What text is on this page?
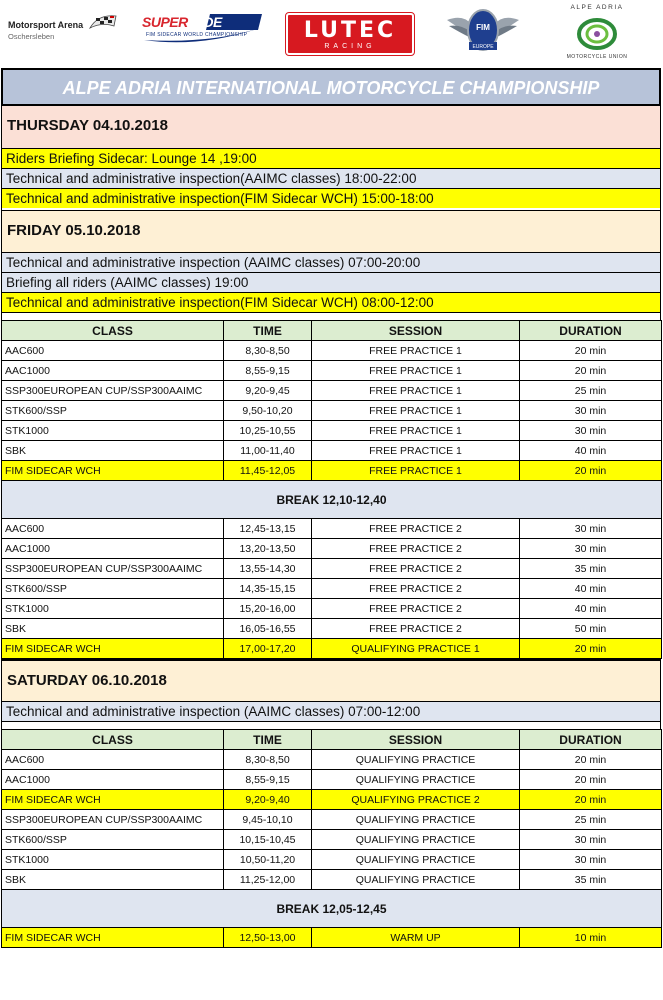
Motorsport Arena
Oschersleben
SUPER SIDE
FIM SIDECAR WORLD CHAMPIONSHIP	LUTEC
RACING
FIM
EUROPE
ALPE ADRIA
MOTORCYCLE UNION
ALPE ADRIA INTERNATIONAL MOTORCYCLE CHAMPIONSHIP
THURSDAY 04.10.2018
Riders Briefing Sidecar: Lounge 14 ,19:00
Technical and administrative inspection(AAIMC classes) 18:00-22:00
Technical and administrative inspection(FIM Sidecar WCH) 15:00-18:00
FRIDAY 05.10.2018
Technical and administrative inspection (AAIMC classes) 07:00-20:00
Briefing all riders (AAIMC classes) 19:00
Technical and administrative inspection(FIM Sidecar WCH) 08:00-12:00
CLASS	TIME	SESSION	DURATION
AAC600	8,30-8,50	FREE PRACTICE 1	20 min
AAC1000	8,55-9,15	FREE PRACTICE 1	20 min
SSP300EUROPEAN CUP/SSP300AAIMC	9,20-9,45	FREE PRACTICE 1	25 min
STK600/SSP	9,50-10,20	FREE PRACTICE 1	30 min
STK1000	10,25-10,55	FREE PRACTICE 1	30 min
SBK	11,00-11,40	FREE PRACTICE 1	40 min
FIM SIDECAR WCH	11,45-12,05	FREE PRACTICE 1	20 min
BREAK 12,10-12,40			
AAC600	12,45-13,15	FREE PRACTICE 2	30 min
AAC1000	13,20-13,50	FREE PRACTICE 2	30 min
SSP300EUROPEAN CUP/SSP300AAIMC	13,55-14,30	FREE PRACTICE 2	35 min
STK600/SSP	14,35-15,15	FREE PRACTICE 2	40 min
STK1000	15,20-16,00	FREE PRACTICE 2	40 min
SBK	16,05-16,55	FREE PRACTICE 2	50 min
FIM SIDECAR WCH	17,00-17,20	QUALIFYING PRACTICE 1	20 min
SATURDAY 06.10.2018
Technical and administrative inspection (AAIMC classes) 07:00-12:00
CLASS	TIME	SESSION	DURATION
AAC600	8,30-8,50	QUALIFYING PRACTICE	20 min
AAC1000	8,55-9,15	QUALIFYING PRACTICE	20 min
FIM SIDECAR WCH	9,20-9,40	QUALIFYING PRACTICE 2	20 min
SSP300EUROPEAN CUP/SSP300AAIMC	9,45-10,10	QUALIFYING PRACTICE	25 min
STK600/SSP	10,15-10,45	QUALIFYING PRACTICE	30 min
STK1000	10,50-11,20	QUALIFYING PRACTICE	30 min
SBK	11,25-12,00	QUALIFYING PRACTICE	35 min
BREAK 12,05-12,45			
FIM SIDECAR WCH	12,50-13,00	WARM UP	10 min
